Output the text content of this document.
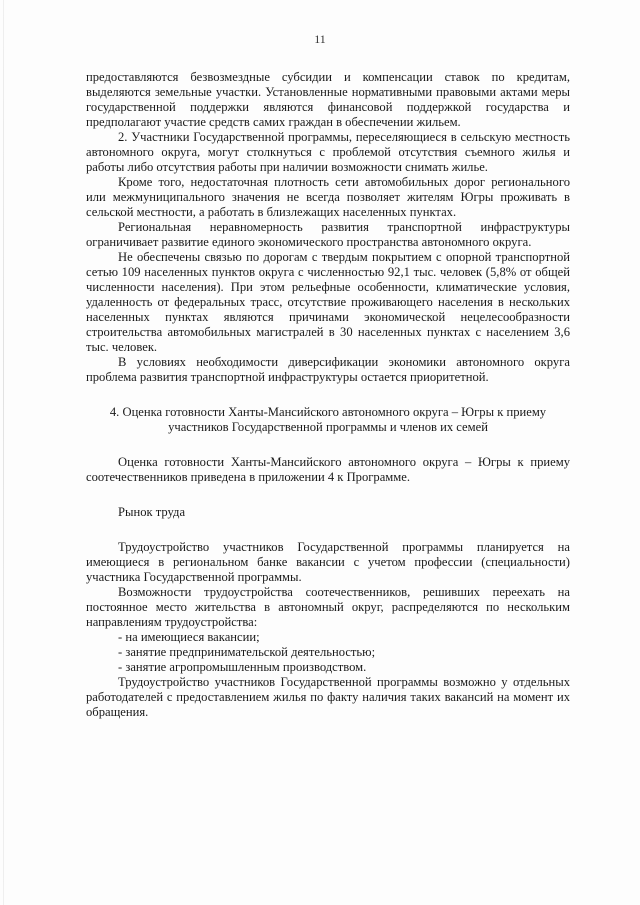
11

предоставляются безвозмездные субсидии и компенсации ставок по кредитам, выделяются земельные участки. Установленные нормативными правовыми актами меры государственной поддержки являются финансовой поддержкой государства и предполагают участие средств самих граждан в обеспечении жильем.

2. Участники Государственной программы, переселяющиеся в сельскую местность автономного округа, могут столкнуться с проблемой отсутствия съемного жилья и работы либо отсутствия работы при наличии возможности снимать жилье.

Кроме того, недостаточная плотность сети автомобильных дорог регионального или межмуниципального значения не всегда позволяет жителям Югры проживать в сельской местности, а работать в близлежащих населенных пунктах.

Региональная неравномерность развития транспортной инфраструктуры ограничивает развитие единого экономического пространства автономного округа.

Не обеспечены связью по дорогам с твердым покрытием с опорной транспортной сетью 109 населенных пунктов округа с численностью 92,1 тыс. человек (5,8% от общей численности населения). При этом рельефные особенности, климатические условия, удаленность от федеральных трасс, отсутствие проживающего населения в нескольких населенных пунктах являются причинами экономической нецелесообразности строительства автомобильных магистралей в 30 населенных пунктах с населением 3,6 тыс. человек.

В условиях необходимости диверсификации экономики автономного округа проблема развития транспортной инфраструктуры остается приоритетной.

4. Оценка готовности Ханты-Мансийского автономного округа – Югры к приему участников Государственной программы и членов их семей

Оценка готовности Ханты-Мансийского автономного округа – Югры к приему соотечественников приведена в приложении 4 к Программе.

Рынок труда

Трудоустройство участников Государственной программы планируется на имеющиеся в региональном банке вакансии с учетом профессии (специальности) участника Государственной программы.

Возможности трудоустройства соотечественников, решивших переехать на постоянное место жительства в автономный округ, распределяются по нескольким направлениям трудоустройства:

- на имеющиеся вакансии;

- занятие предпринимательской деятельностью;

- занятие агропромышленным производством.

Трудоустройство участников Государственной программы возможно у отдельных работодателей с предоставлением жилья по факту наличия таких вакансий на момент их обращения.
